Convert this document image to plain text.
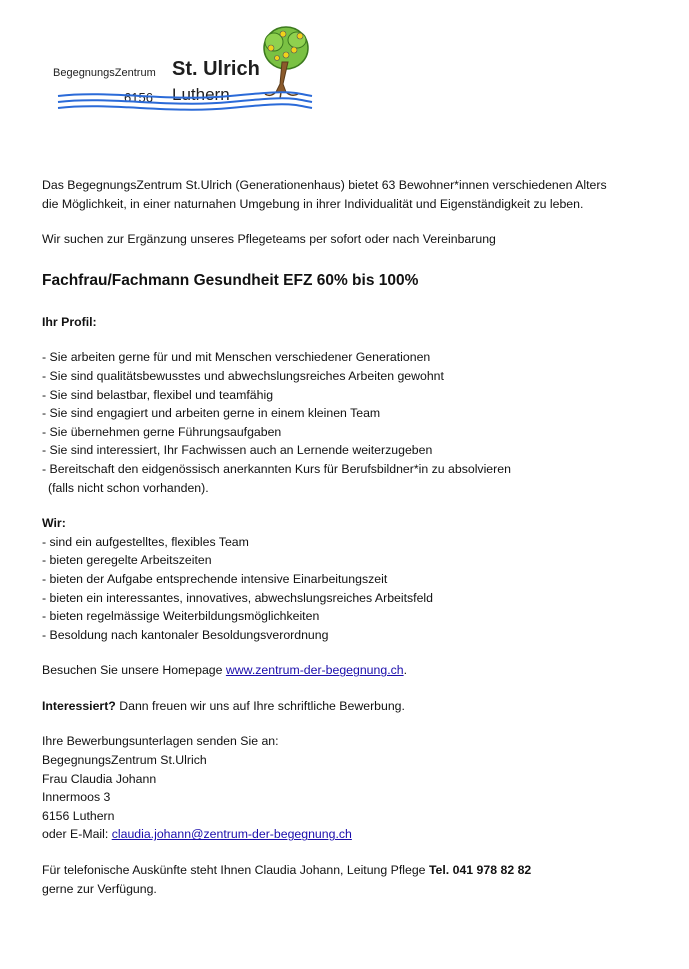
BegegnungsZentrum St. Ulrich
6156 Luthern

Das BegegnungsZentrum St.Ulrich (Generationenhaus) bietet 63 Bewohner*innen verschiedenen Alters

die Möglichkeit, in einer naturnahen Umgebung in ihrer Individualität und Eigenständigkeit zu leben.

Wir suchen zur Ergänzung unseres Pflegeteams per sofort oder nach Vereinbarung

Fachfrau/Fachmann Gesundheit EFZ 60% bis 100%

Ihr Profil:

- Sie arbeiten gerne für und mit Menschen verschiedener Generationen
- Sie sind qualitätsbewusstes und abwechslungsreiches Arbeiten gewohnt
- Sie sind belastbar, flexibel und teamfähig
- Sie sind engagiert und arbeiten gerne in einem kleinen Team
- Sie übernehmen gerne Führungsaufgaben
- Sie sind interessiert, Ihr Fachwissen auch an Lernende weiterzugeben
- Bereitschaft den eidgenössisch anerkannten Kurs für Berufsbildner*in zu absolvieren
(falls nicht schon vorhanden).

Wir:

- sind ein aufgestelltes, flexibles Team
- bieten geregelte Arbeitszeiten
- bieten der Aufgabe entsprechende intensive Einarbeitungszeit
- bieten ein interessantes, innovatives, abwechslungsreiches Arbeitsfeld
- bieten regelmässige Weiterbildungsmöglichkeiten
- Besoldung nach kantonaler Besoldungsverordnung

Besuchen Sie unsere Homepage www.zentrum-der-begegnung.ch.

Interessiert? Dann freuen wir uns auf Ihre schriftliche Bewerbung.

Ihre Bewerbungsunterlagen senden Sie an:

BegegnungsZentrum St.Ulrich

Frau Claudia Johann

Innermoos 3

6156 Luthern

oder E-Mail: claudia.johann@zentrum-der-begegnung.ch

Für telefonische Auskünfte steht Ihnen Claudia Johann, Leitung Pflege Tel. 041 978 82 82

gerne zur Verfügung.
